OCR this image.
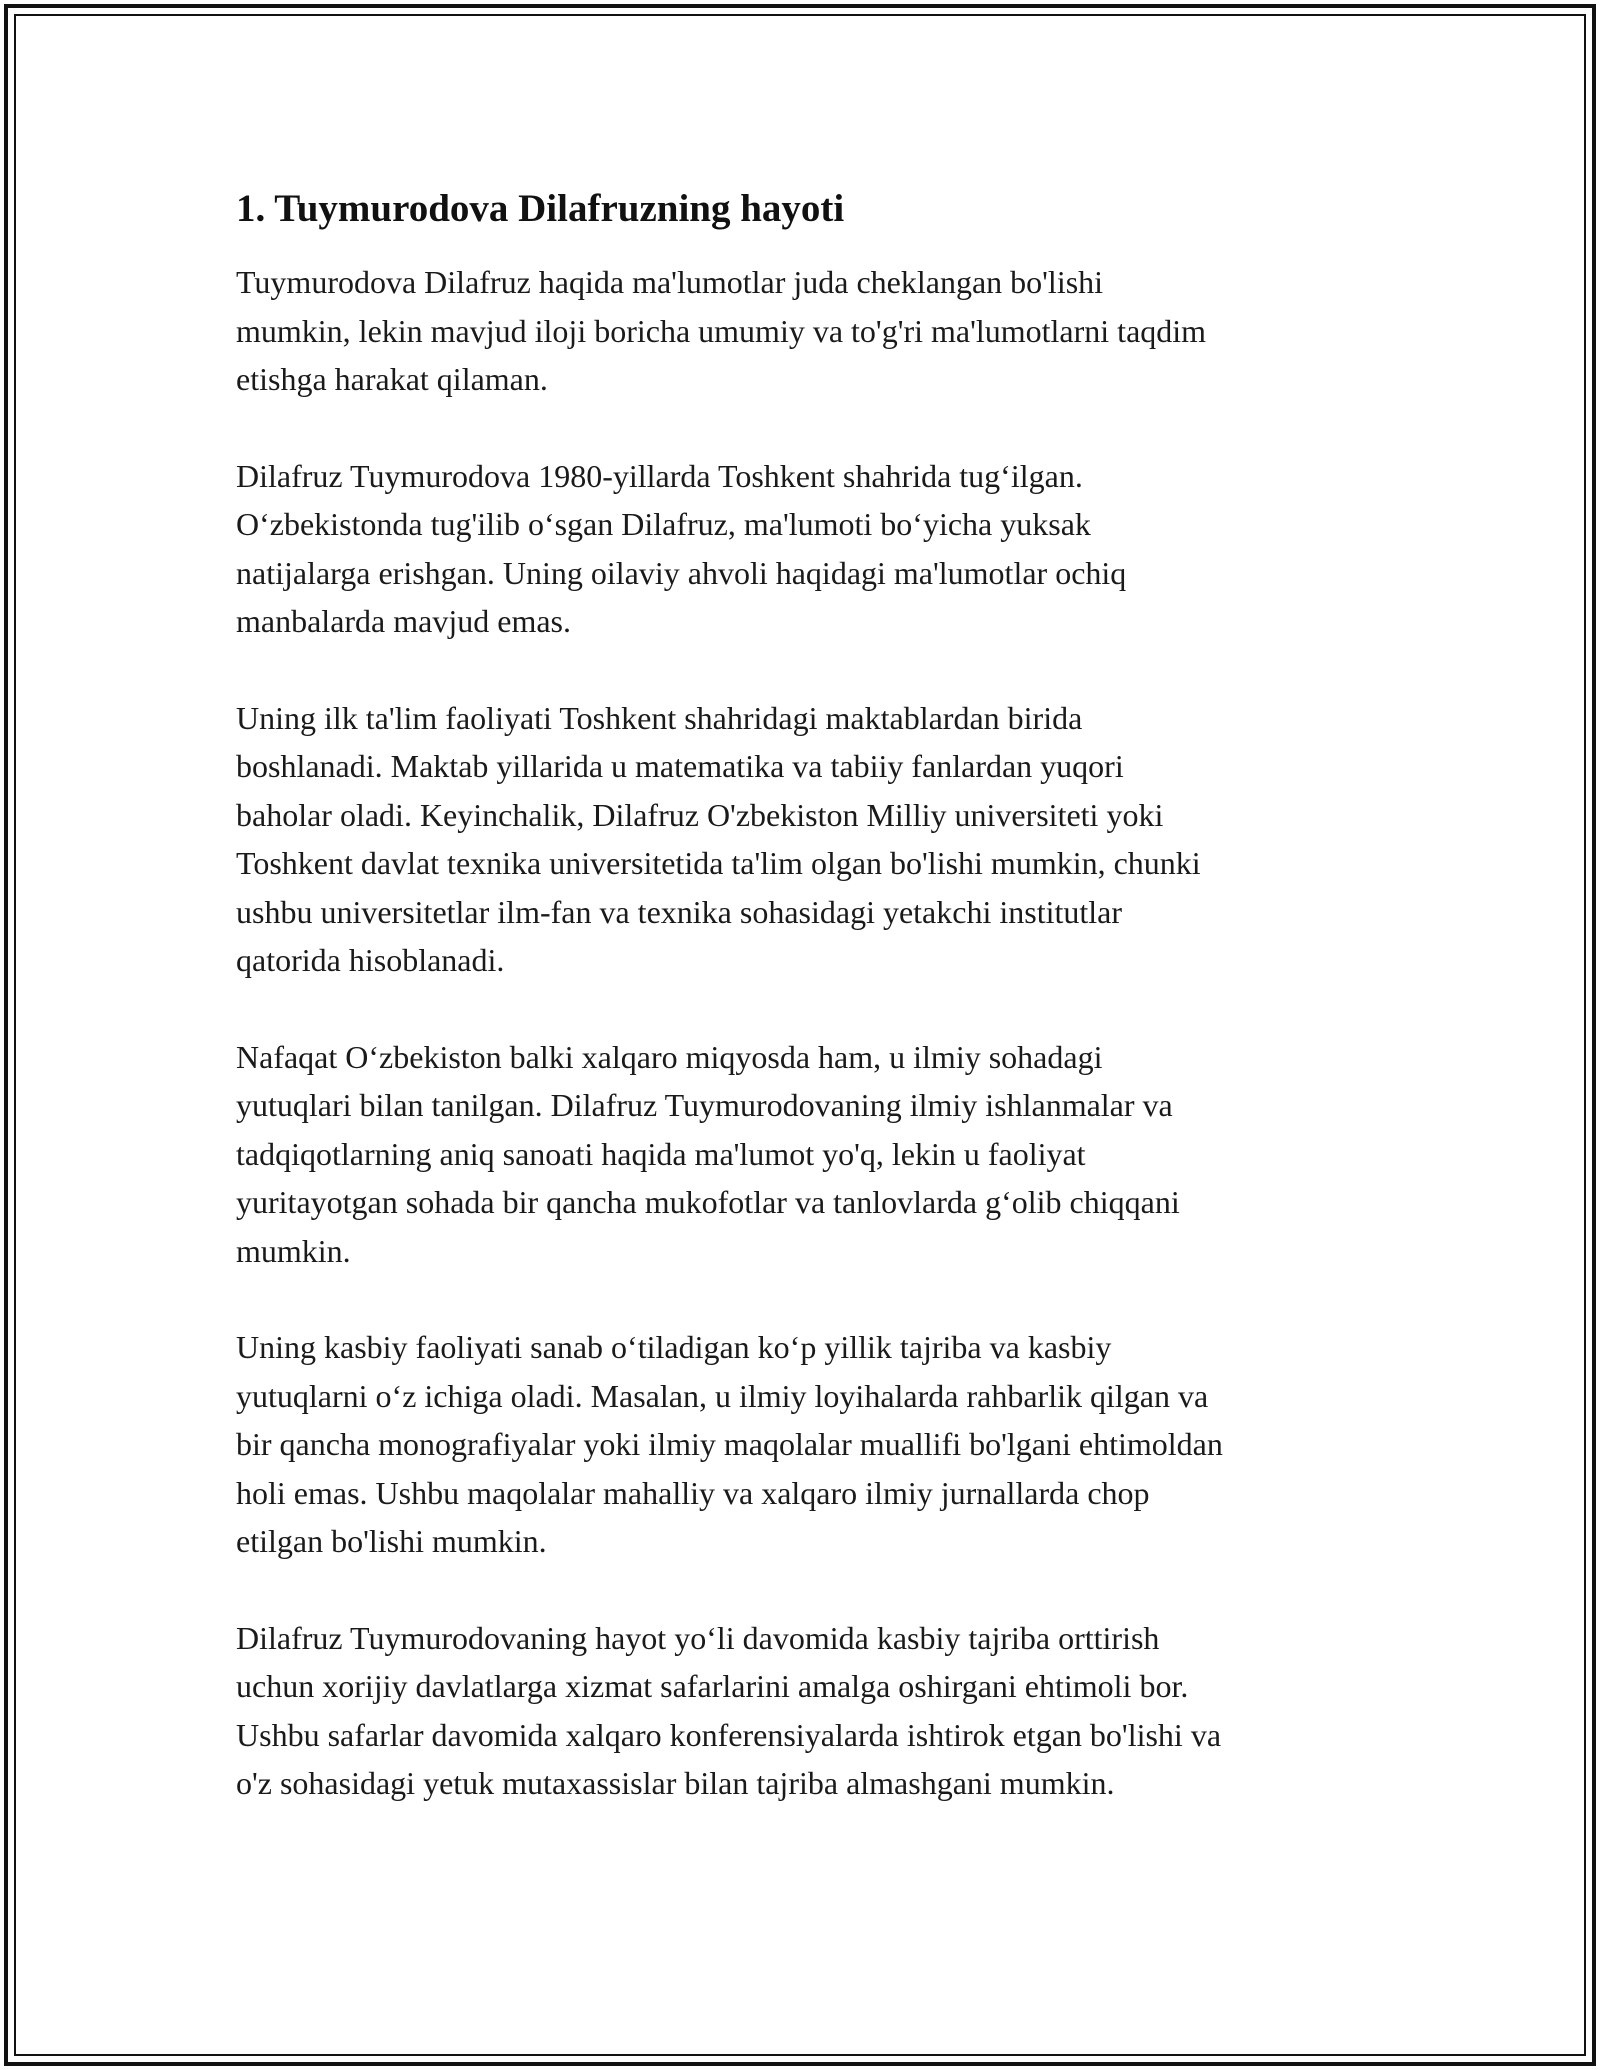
1. Tuymurodova Dilafruzning hayoti

Tuymurodova Dilafruz haqida ma'lumotlar juda cheklangan bo'lishi
mumkin, lekin mavjud iloji boricha umumiy va to'g'ri ma'lumotlarni taqdim
etishga harakat qilaman.

Dilafruz Tuymurodova 1980-yillarda Toshkent shahrida tug‘ilgan.
O‘zbekistonda tug'ilib o‘sgan Dilafruz, ma'lumoti bo‘yicha yuksak
natijalarga erishgan. Uning oilaviy ahvoli haqidagi ma'lumotlar ochiq
manbalarda mavjud emas.

Uning ilk ta'lim faoliyati Toshkent shahridagi maktablardan birida
boshlanadi. Maktab yillarida u matematika va tabiiy fanlardan yuqori
baholar oladi. Keyinchalik, Dilafruz O'zbekiston Milliy universiteti yoki
Toshkent davlat texnika universitetida ta'lim olgan bo'lishi mumkin, chunki
ushbu universitetlar ilm-fan va texnika sohasidagi yetakchi institutlar
qatorida hisoblanadi.

Nafaqat O‘zbekiston balki xalqaro miqyosda ham, u ilmiy sohadagi
yutuqlari bilan tanilgan. Dilafruz Tuymurodovaning ilmiy ishlanmalar va
tadqiqotlarning aniq sanoati haqida ma'lumot yo'q, lekin u faoliyat
yuritayotgan sohada bir qancha mukofotlar va tanlovlarda g‘olib chiqqani
mumkin.

Uning kasbiy faoliyati sanab o‘tiladigan ko‘p yillik tajriba va kasbiy
yutuqlarni o‘z ichiga oladi. Masalan, u ilmiy loyihalarda rahbarlik qilgan va
bir qancha monografiyalar yoki ilmiy maqolalar muallifi bo'lgani ehtimoldan
holi emas. Ushbu maqolalar mahalliy va xalqaro ilmiy jurnallarda chop
etilgan bo'lishi mumkin.

Dilafruz Tuymurodovaning hayot yo‘li davomida kasbiy tajriba orttirish
uchun xorijiy davlatlarga xizmat safarlarini amalga oshirgani ehtimoli bor.
Ushbu safarlar davomida xalqaro konferensiyalarda ishtirok etgan bo'lishi va
o'z sohasidagi yetuk mutaxassislar bilan tajriba almashgani mumkin.
